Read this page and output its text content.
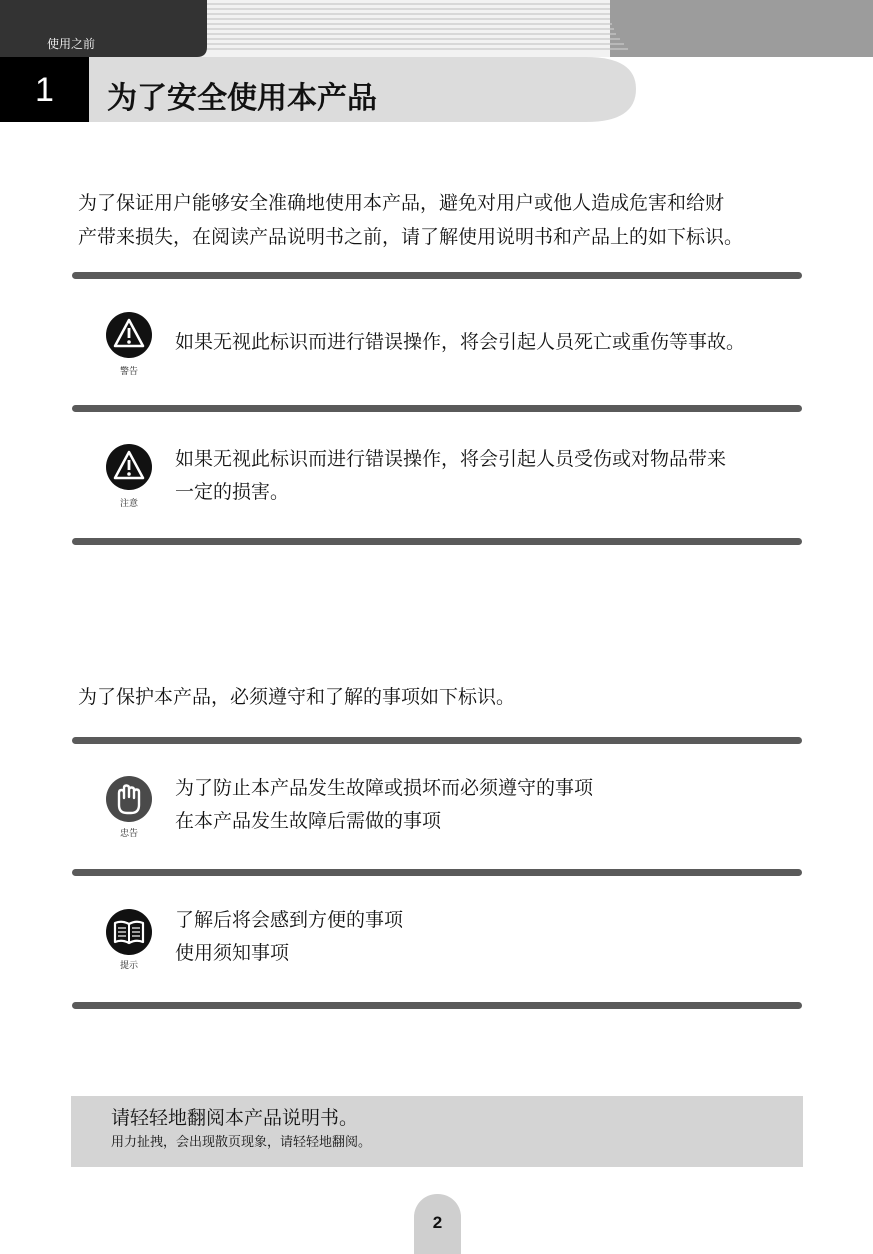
使用之前
1	为了安全使用本产品
为了保证用户能够安全准确地使用本产品，避免对用户或他人造成危害和给财
产带来损失，在阅读产品说明书之前，请了解使用说明书和产品上的如下标识。
警告
如果无视此标识而进行错误操作，将会引起人员死亡或重伤等事故。
注意
如果无视此标识而进行错误操作，将会引起人员受伤或对物品带来
一定的损害。
为了保护本产品，必须遵守和了解的事项如下标识。
忠告
为了防止本产品发生故障或损坏而必须遵守的事项
在本产品发生故障后需做的事项
提示
了解后将会感到方便的事项
使用须知事项
请轻轻地翻阅本产品说明书。
用力扯拽，会出现散页现象，请轻轻地翻阅。
2
